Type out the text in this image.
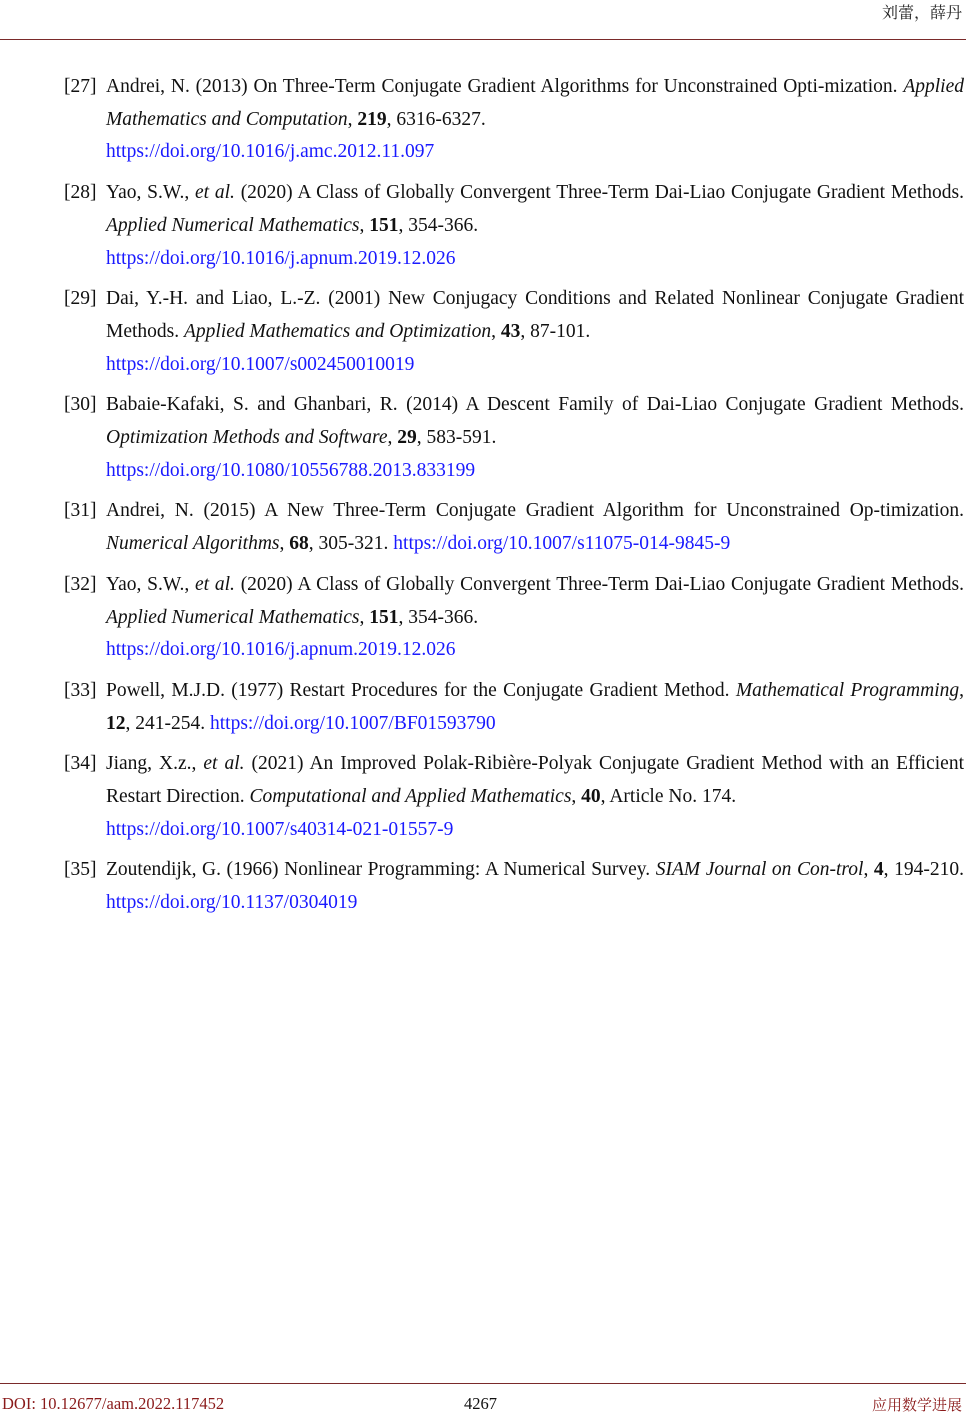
刘蕾，薛丹
[27] Andrei, N. (2013) On Three-Term Conjugate Gradient Algorithms for Unconstrained Opti-mization. Applied Mathematics and Computation, 219, 6316-6327.
https://doi.org/10.1016/j.amc.2012.11.097
[28] Yao, S.W., et al. (2020) A Class of Globally Convergent Three-Term Dai-Liao Conjugate Gradient Methods. Applied Numerical Mathematics, 151, 354-366.
https://doi.org/10.1016/j.apnum.2019.12.026
[29] Dai, Y.-H. and Liao, L.-Z. (2001) New Conjugacy Conditions and Related Nonlinear Conjugate Gradient Methods. Applied Mathematics and Optimization, 43, 87-101.
https://doi.org/10.1007/s002450010019
[30] Babaie-Kafaki, S. and Ghanbari, R. (2014) A Descent Family of Dai-Liao Conjugate Gradient Methods. Optimization Methods and Software, 29, 583-591.
https://doi.org/10.1080/10556788.2013.833199
[31] Andrei, N. (2015) A New Three-Term Conjugate Gradient Algorithm for Unconstrained Op-timization. Numerical Algorithms, 68, 305-321. https://doi.org/10.1007/s11075-014-9845-9
[32] Yao, S.W., et al. (2020) A Class of Globally Convergent Three-Term Dai-Liao Conjugate Gradient Methods. Applied Numerical Mathematics, 151, 354-366.
https://doi.org/10.1016/j.apnum.2019.12.026
[33] Powell, M.J.D. (1977) Restart Procedures for the Conjugate Gradient Method. Mathematical Programming, 12, 241-254. https://doi.org/10.1007/BF01593790
[34] Jiang, X.z., et al. (2021) An Improved Polak-Ribière-Polyak Conjugate Gradient Method with an Efficient Restart Direction. Computational and Applied Mathematics, 40, Article No. 174.
https://doi.org/10.1007/s40314-021-01557-9
[35] Zoutendijk, G. (1966) Nonlinear Programming: A Numerical Survey. SIAM Journal on Con-trol, 4, 194-210. https://doi.org/10.1137/0304019
DOI: 10.12677/aam.2022.117452	4267	应用数学进展
